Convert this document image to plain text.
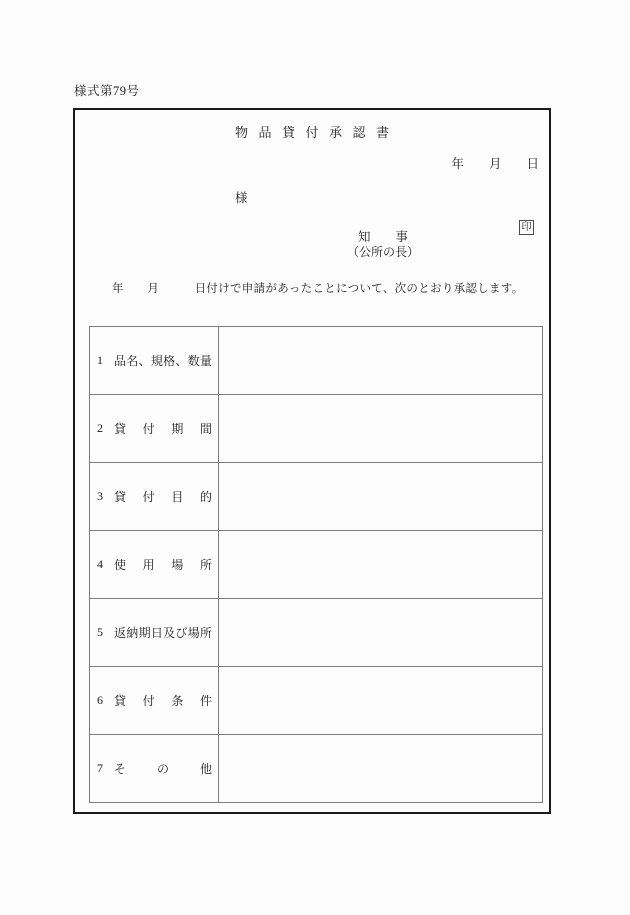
様式第79号
物品貸付承認書
年　　月　　日
様
知　　事
（公所の長）
印
年　　月　　　日付けで申請があったことについて、次のとおり承認します。
1 品名、規格、数量	

2 貸　付　期　間	

3 貸　付　目　的	

4 使　用　場　所	

5 返納期日及び場所	

6 貸　付　条　件	

7 そ　　の　　他	
